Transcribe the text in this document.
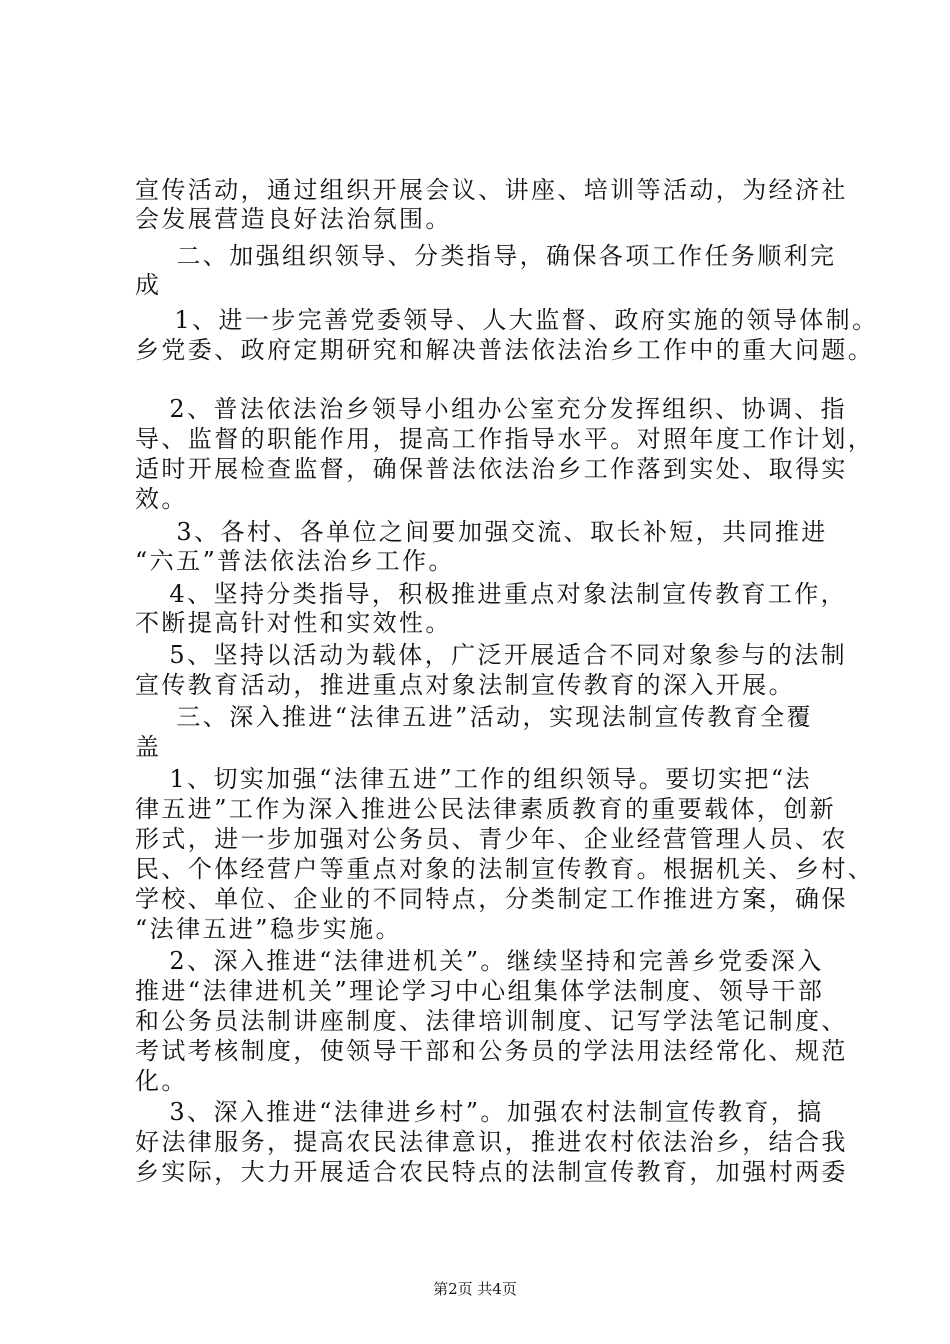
宣传活动，通过组织开展会议、讲座、培训等活动，为经济社
会发展营造良好法治氛围。
　二、加强组织领导、分类指导，确保各项工作任务顺利完
成
　1、进一步完善党委领导、人大监督、政府实施的领导体制。
乡党委、政府定期研究和解决普法依法治乡工作中的重大问题。
　2、普法依法治乡领导小组办公室充分发挥组织、协调、指
导、监督的职能作用，提高工作指导水平。对照年度工作计划，
适时开展检查监督，确保普法依法治乡工作落到实处、取得实
效。
　3、各村、各单位之间要加强交流、取长补短，共同推进
“六五”普法依法治乡工作。
　4、坚持分类指导，积极推进重点对象法制宣传教育工作，
不断提高针对性和实效性。
　5、坚持以活动为载体，广泛开展适合不同对象参与的法制
宣传教育活动，推进重点对象法制宣传教育的深入开展。
　三、深入推进“法律五进”活动，实现法制宣传教育全覆
盖
　1、切实加强“法律五进”工作的组织领导。要切实把“法
律五进”工作为深入推进公民法律素质教育的重要载体，创新
形式，进一步加强对公务员、青少年、企业经营管理人员、农
民、个体经营户等重点对象的法制宣传教育。根据机关、乡村、
学校、单位、企业的不同特点，分类制定工作推进方案，确保
“法律五进”稳步实施。
　2、深入推进“法律进机关”。继续坚持和完善乡党委深入
推进“法律进机关”理论学习中心组集体学法制度、领导干部
和公务员法制讲座制度、法律培训制度、记写学法笔记制度、
考试考核制度，使领导干部和公务员的学法用法经常化、规范
化。
　3、深入推进“法律进乡村”。加强农村法制宣传教育，搞
好法律服务，提高农民法律意识，推进农村依法治乡，结合我
乡实际，大力开展适合农民特点的法制宣传教育，加强村两委
第2页 共4页
